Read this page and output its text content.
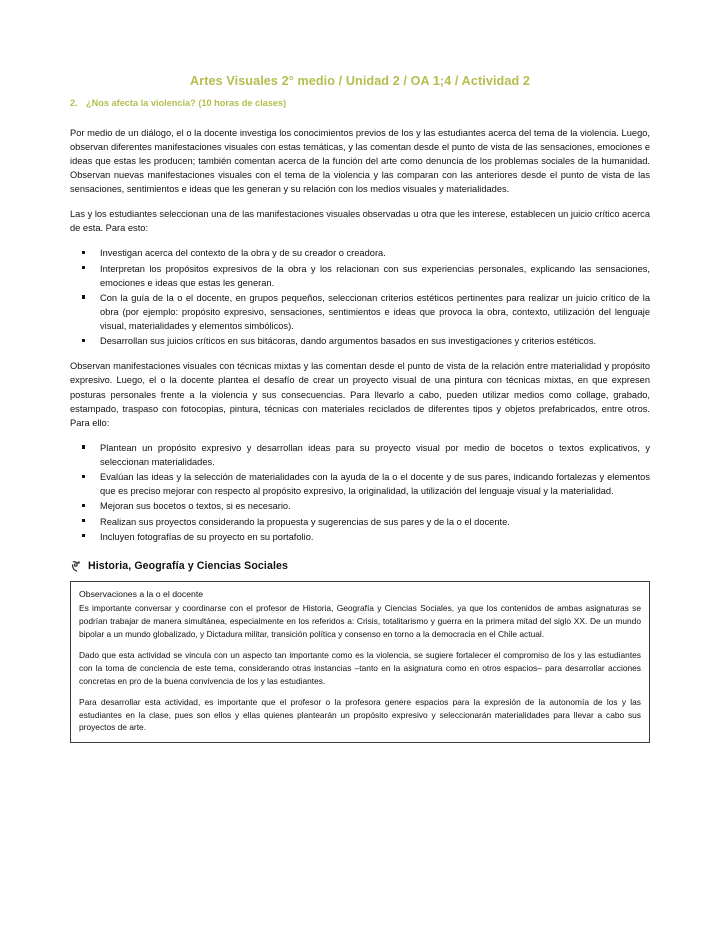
Artes Visuales 2° medio / Unidad 2 / OA 1;4 / Actividad 2
2. ¿Nos afecta la violencia? (10 horas de clases)

Por medio de un diálogo, el o la docente investiga los conocimientos previos de los y las estudiantes acerca del tema de la violencia. Luego, observan diferentes manifestaciones visuales con estas temáticas, y las comentan desde el punto de vista de las sensaciones, emociones e ideas que estas les producen; también comentan acerca de la función del arte como denuncia de los problemas sociales de la humanidad. Observan nuevas manifestaciones visuales con el tema de la violencia y las comparan con las anteriores desde el punto de vista de las sensaciones, sentimientos e ideas que les generan y su relación con los medios visuales y materialidades.

Las y los estudiantes seleccionan una de las manifestaciones visuales observadas u otra que les interese, establecen un juicio crítico acerca de esta. Para esto:

Investigan acerca del contexto de la obra y de su creador o creadora.
Interpretan los propósitos expresivos de la obra y los relacionan con sus experiencias personales, explicando las sensaciones, emociones e ideas que estas les generan.
Con la guía de la o el docente, en grupos pequeños, seleccionan criterios estéticos pertinentes para realizar un juicio crítico de la obra (por ejemplo: propósito expresivo, sensaciones, sentimientos e ideas que provoca la obra, contexto, utilización del lenguaje visual, materialidades y elementos simbólicos).
Desarrollan sus juicios críticos en sus bitácoras, dando argumentos basados en sus investigaciones y criterios estéticos.

Observan manifestaciones visuales con técnicas mixtas y las comentan desde el punto de vista de la relación entre materialidad y propósito expresivo. Luego, el o la docente plantea el desafío de crear un proyecto visual de una pintura con técnicas mixtas, en que expresen posturas personales frente a la violencia y sus consecuencias. Para llevarlo a cabo, pueden utilizar medios como collage, grabado, estampado, traspaso con fotocopias, pintura, técnicas con materiales reciclados de diferentes tipos y objetos prefabricados, entre otros. Para ello:

Plantean un propósito expresivo y desarrollan ideas para su proyecto visual por medio de bocetos o textos explicativos, y seleccionan materialidades.
Evalúan las ideas y la selección de materialidades con la ayuda de la o el docente y de sus pares, indicando fortalezas y elementos que es preciso mejorar con respecto al propósito expresivo, la originalidad, la utilización del lenguaje visual y la materialidad.
Mejoran sus bocetos o textos, si es necesario.
Realizan sus proyectos considerando la propuesta y sugerencias de sus pares y de la o el docente.
Incluyen fotografías de su proyecto en su portafolio.
Historia, Geografía y Ciencias Sociales
Observaciones a la o el docente

Es importante conversar y coordinarse con el profesor de Historia, Geografía y Ciencias Sociales, ya que los contenidos de ambas asignaturas se podrían trabajar de manera simultánea, especialmente en los referidos a: Crisis, totalitarismo y guerra en la primera mitad del siglo XX. De un mundo bipolar a un mundo globalizado, y Dictadura militar, transición política y consenso en torno a la democracia en el Chile actual.

Dado que esta actividad se vincula con un aspecto tan importante como es la violencia, se sugiere fortalecer el compromiso de los y las estudiantes con la toma de conciencia de este tema, considerando otras instancias –tanto en la asignatura como en otros espacios– para desarrollar acciones concretas en pro de la buena convivencia de los y las estudiantes.

Para desarrollar esta actividad, es importante que el profesor o la profesora genere espacios para la expresión de la autonomía de los y las estudiantes en la clase, pues son ellos y ellas quienes plantearán un propósito expresivo y seleccionarán materialidades para llevar a cabo sus proyectos de arte.
